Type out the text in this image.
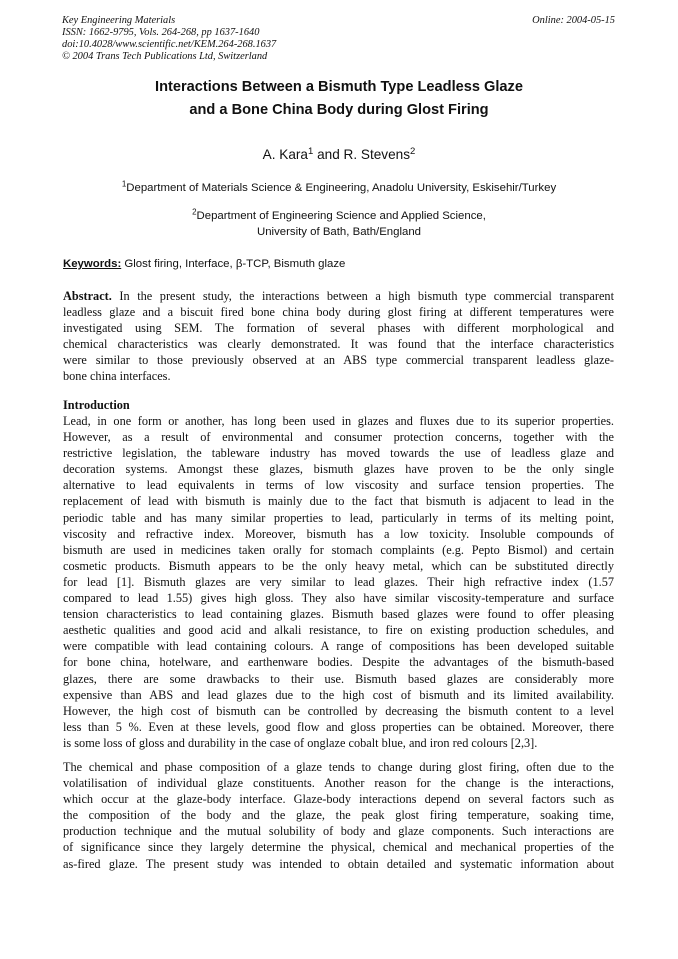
Key Engineering Materials
ISSN: 1662-9795, Vols. 264-268, pp 1637-1640
doi:10.4028/www.scientific.net/KEM.264-268.1637
© 2004 Trans Tech Publications Ltd, Switzerland
Online: 2004-05-15
Interactions Between a Bismuth Type Leadless Glaze
and a Bone China Body during Glost Firing
A. Kara$^1$ and R. Stevens$^2$
$^1$Department of Materials Science & Engineering, Anadolu University, Eskisehir/Turkey
$^2$Department of Engineering Science and Applied Science,
University of Bath, Bath/England
Keywords: Glost firing, Interface, β-TCP, Bismuth glaze
Abstract. In the present study, the interactions between a high bismuth type commercial transparent
leadless glaze and a biscuit fired bone china body during glost firing at different temperatures were
investigated using SEM. The formation of several phases with different morphological and
chemical characteristics was clearly demonstrated. It was found that the interface characteristics
were similar to those previously observed at an ABS type commercial transparent leadless glaze-
bone china interfaces.
Introduction
Lead, in one form or another, has long been used in glazes and fluxes due to its superior properties.
However, as a result of environmental and consumer protection concerns, together with the
restrictive legislation, the tableware industry has moved towards the use of leadless glaze and
decoration systems. Amongst these glazes, bismuth glazes have proven to be the only single
alternative to lead equivalents in terms of low viscosity and surface tension properties. The
replacement of lead with bismuth is mainly due to the fact that bismuth is adjacent to lead in the
periodic table and has many similar properties to lead, particularly in terms of its melting point,
viscosity and refractive index. Moreover, bismuth has a low toxicity. Insoluble compounds of
bismuth are used in medicines taken orally for stomach complaints (e.g. Pepto Bismol) and certain
cosmetic products. Bismuth appears to be the only heavy metal, which can be substituted directly
for lead [1]. Bismuth glazes are very similar to lead glazes. Their high refractive index (1.57
compared to lead 1.55) gives high gloss. They also have similar viscosity-temperature and surface
tension characteristics to lead containing glazes. Bismuth based glazes were found to offer pleasing
aesthetic qualities and good acid and alkali resistance, to fire on existing production schedules, and
were compatible with lead containing colours. A range of compositions has been developed suitable
for bone china, hotelware, and earthenware bodies. Despite the advantages of the bismuth-based
glazes, there are some drawbacks to their use. Bismuth based glazes are considerably more
expensive than ABS and lead glazes due to the high cost of bismuth and its limited availability.
However, the high cost of bismuth can be controlled by decreasing the bismuth content to a level
less than 5 %. Even at these levels, good flow and gloss properties can be obtained. Moreover, there
is some loss of gloss and durability in the case of onglaze cobalt blue, and iron red colours [2,3].
The chemical and phase composition of a glaze tends to change during glost firing, often due to the
volatilisation of individual glaze constituents. Another reason for the change is the interactions,
which occur at the glaze-body interface. Glaze-body interactions depend on several factors such as
the composition of the body and the glaze, the peak glost firing temperature, soaking time,
production technique and the mutual solubility of body and glaze components. Such interactions are
of significance since they largely determine the physical, chemical and mechanical properties of the
as-fired glaze. The present study was intended to obtain detailed and systematic information about
